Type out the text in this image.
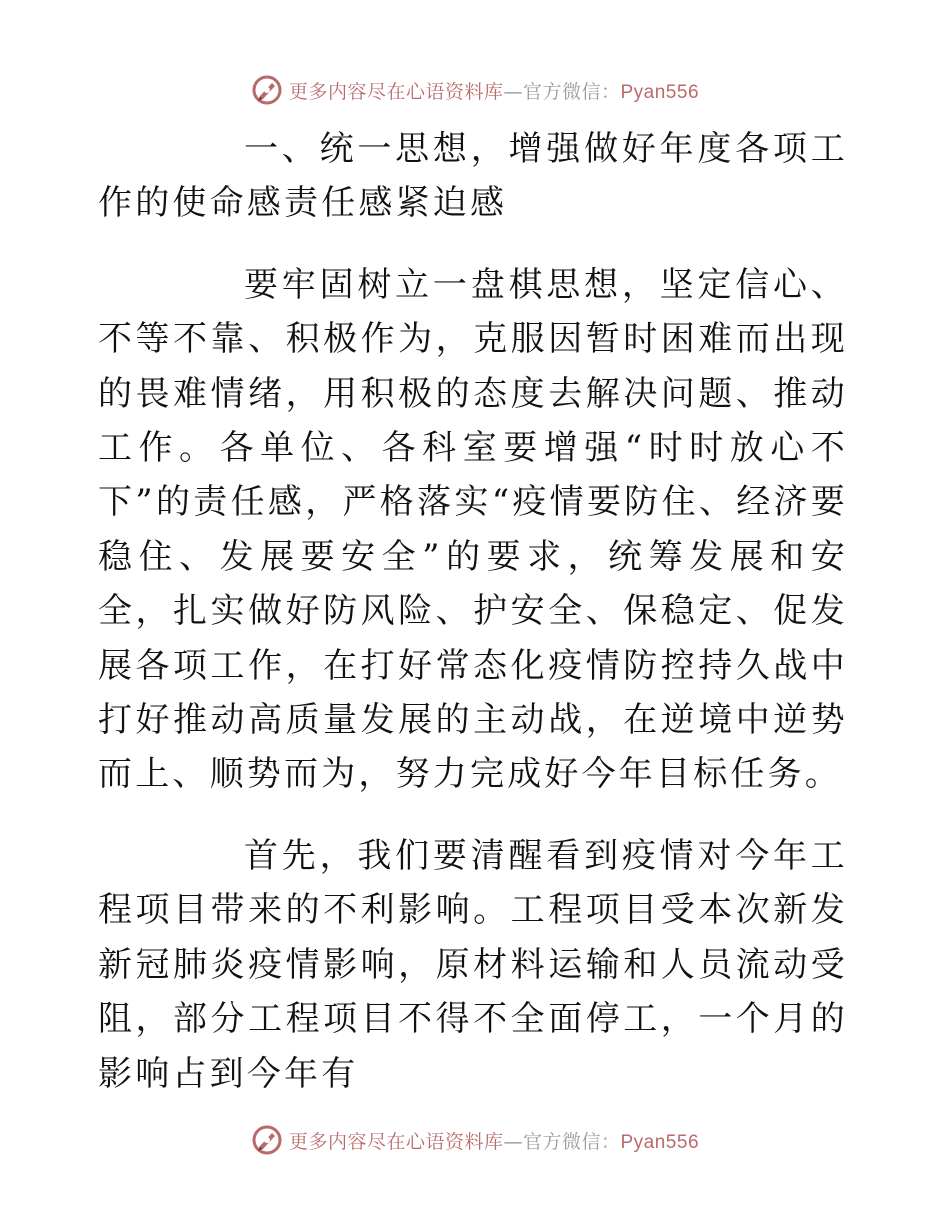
更多内容尽在心语资料库—官方微信：Pyan556

一、统一思想，增强做好年度各项工作的使命感责任感紧迫感

要牢固树立一盘棋思想，坚定信心、不等不靠、积极作为，克服因暂时困难而出现的畏难情绪，用积极的态度去解决问题、推动工作。各单位、各科室要增强“时时放心不下”的责任感，严格落实“疫情要防住、经济要稳住、发展要安全”的要求，统筹发展和安全，扎实做好防风险、护安全、保稳定、促发展各项工作，在打好常态化疫情防控持久战中打好推动高质量发展的主动战，在逆境中逆势而上、顺势而为，努力完成好今年目标任务。

首先，我们要清醒看到疫情对今年工程项目带来的不利影响。工程项目受本次新发新冠肺炎疫情影响，原材料运输和人员流动受阻，部分工程项目不得不全面停工，一个月的影响占到今年有

更多内容尽在心语资料库—官方微信：Pyan556
